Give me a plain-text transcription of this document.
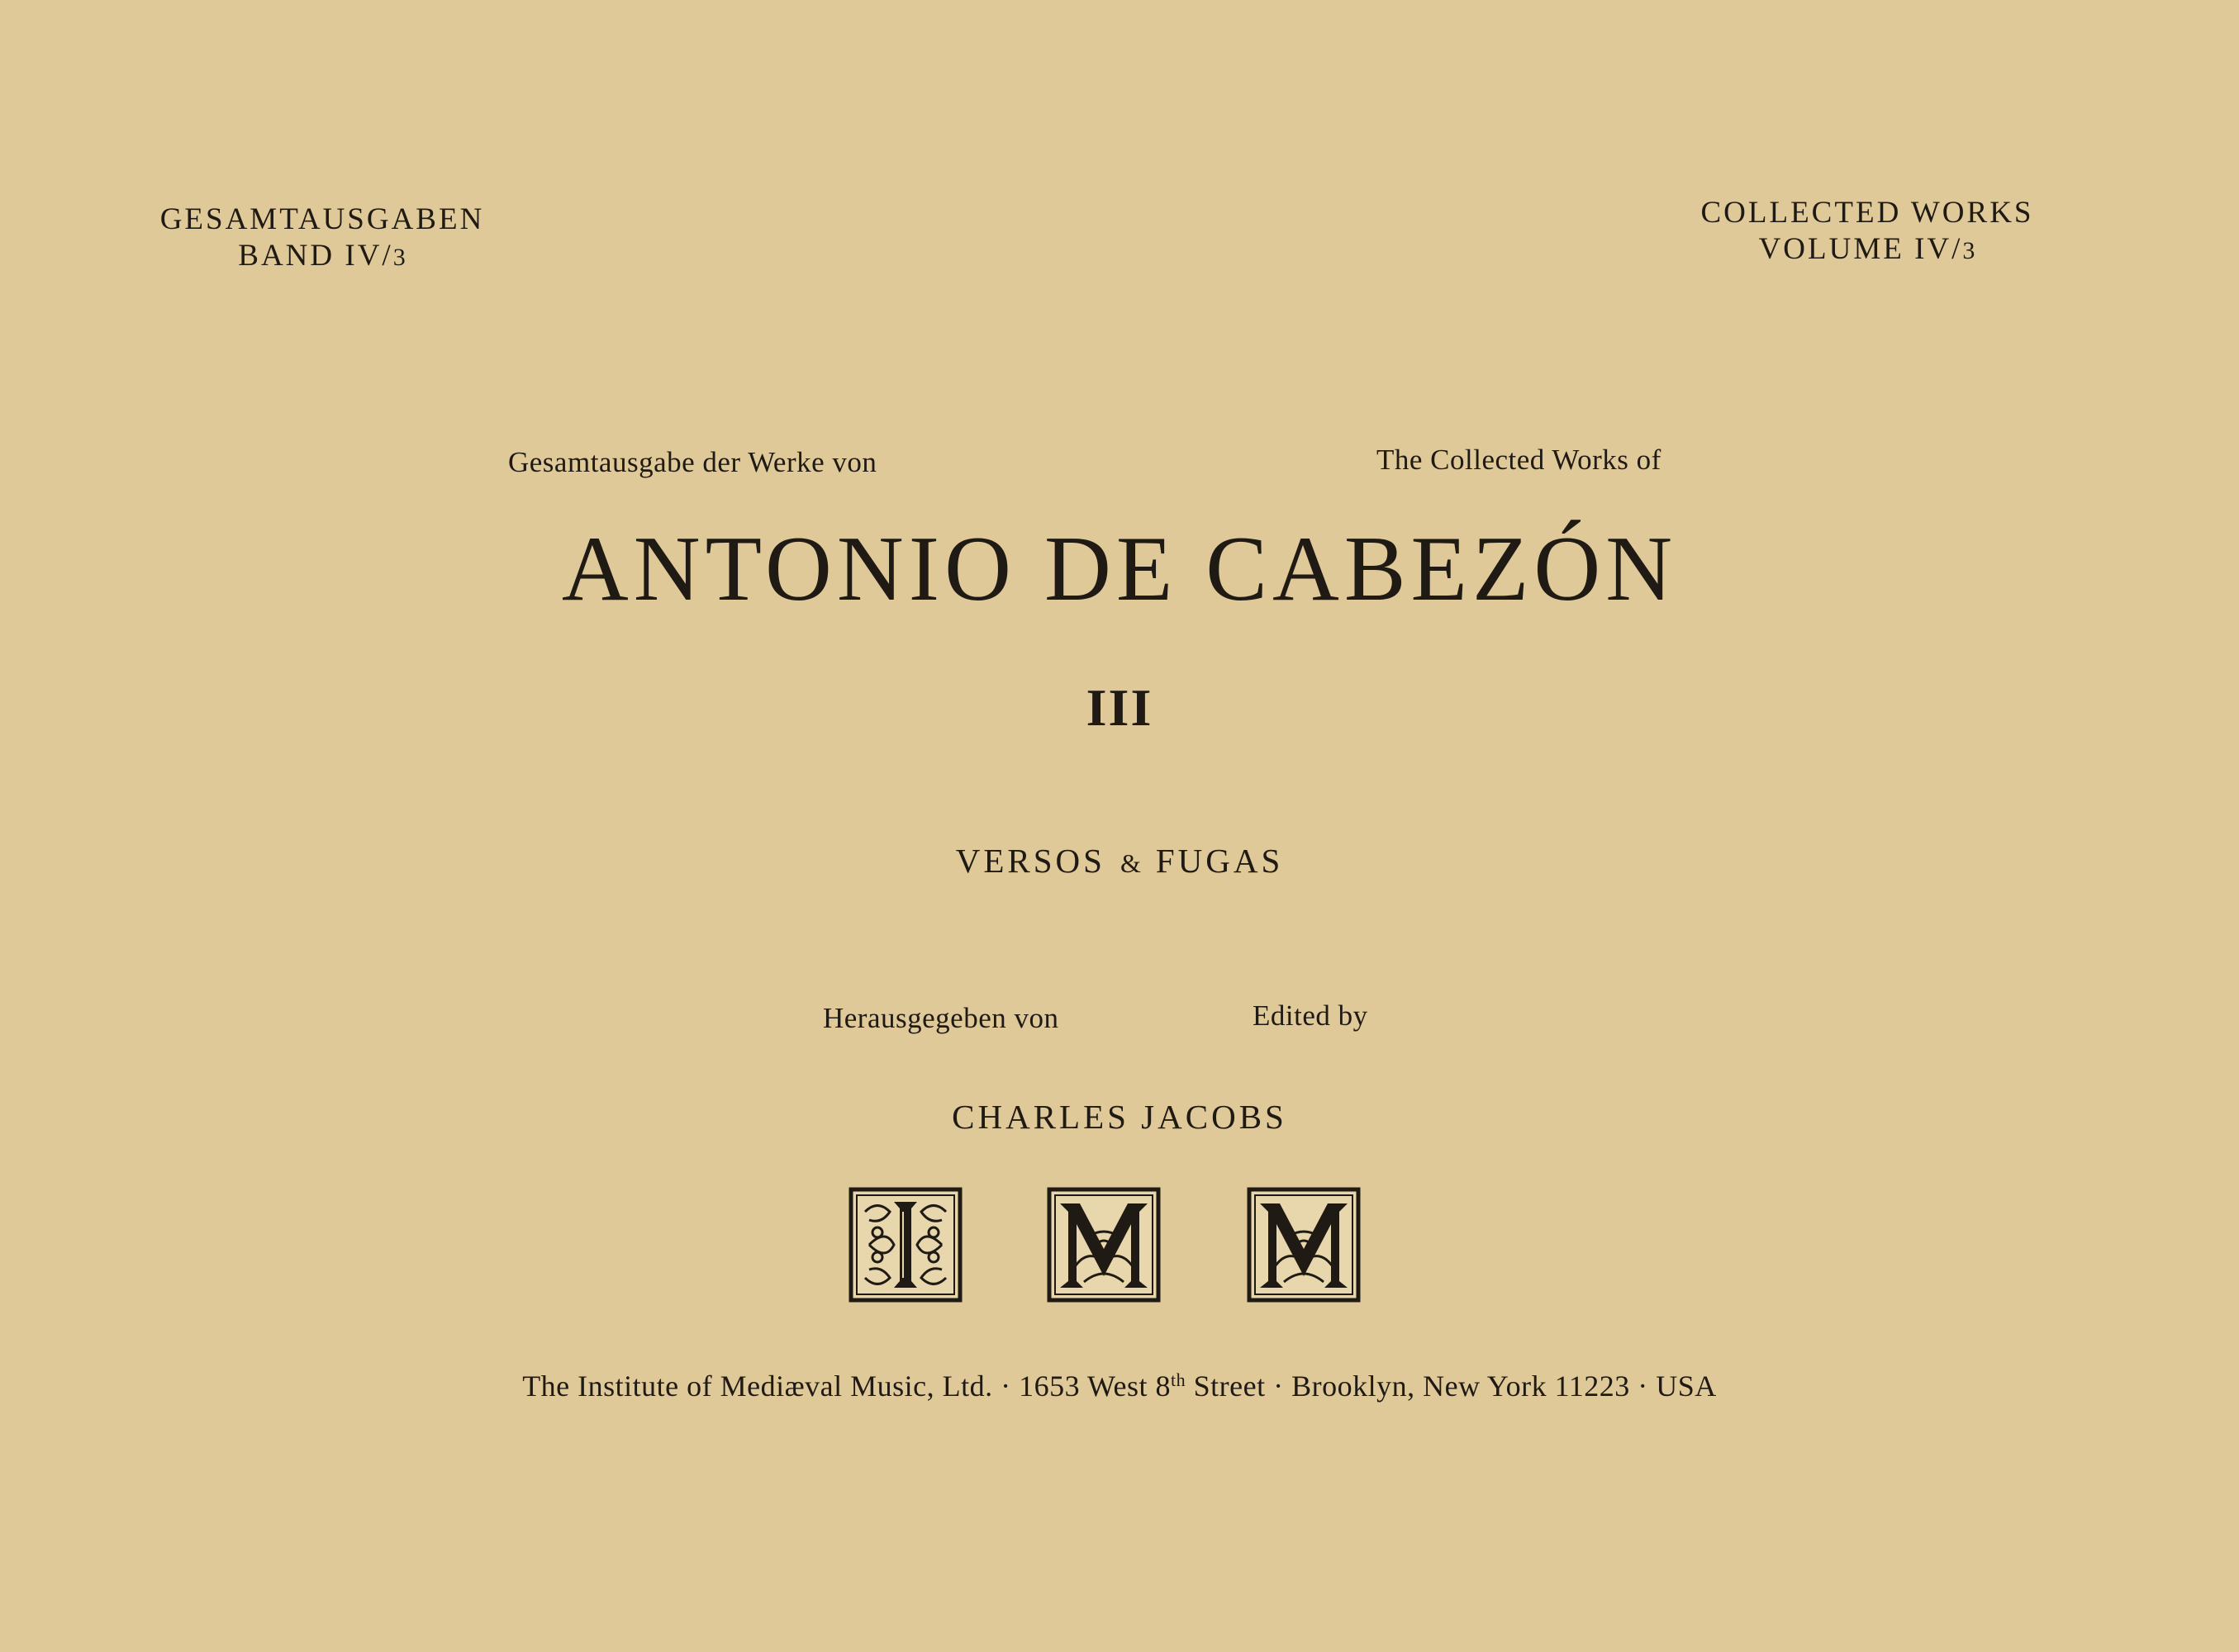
GESAMTAUSGABEN
BAND IV/3
COLLECTED WORKS
VOLUME IV/3
Gesamtausgabe der Werke von	The Collected Works of
ANTONIO DE CABEZÓN
III
VERSOS & FUGAS
Herausgegeben von	Edited by
CHARLES JACOBS
The Institute of Mediæval Music, Ltd. · 1653 West 8th Street · Brooklyn, New York 11223 · USA
